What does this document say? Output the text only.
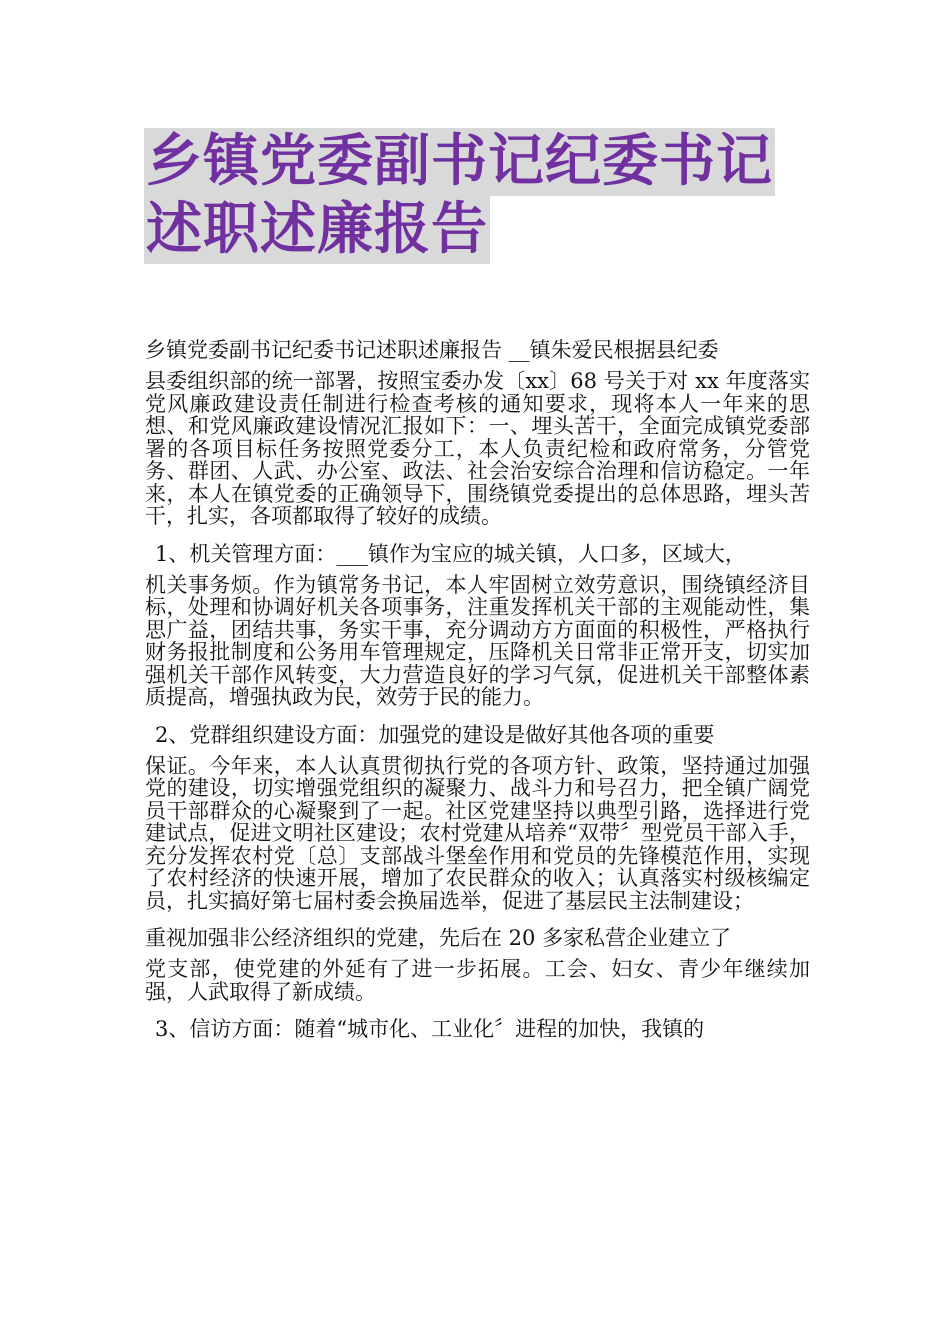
乡镇党委副书记纪委书记
述职述廉报告

乡镇党委副书记纪委书记述职述廉报告 __镇朱爱民根据县纪委
县委组织部的统一部署，按照宝委办发〔xx〕68 号关于对 xx 年度落实党风廉政建设责任制进行检查考核的通知要求，现将本人一年来的思想、和党风廉政建设情况汇报如下：一、埋头苦干，全面完成镇党委部署的各项目标任务按照党委分工，本人负责纪检和政府常务，分管党务、群团、人武、办公室、政法、社会治安综合治理和信访稳定。一年来，本人在镇党委的正确领导下，围绕镇党委提出的总体思路，埋头苦干，扎实，各项都取得了较好的成绩。

1、机关管理方面：___镇作为宝应的城关镇，人口多，区域大，
机关事务烦。作为镇常务书记，本人牢固树立效劳意识，围绕镇经济目标，处理和协调好机关各项事务，注重发挥机关干部的主观能动性，集思广益，团结共事，务实干事，充分调动方方面面的积极性，严格执行财务报批制度和公务用车管理规定，压降机关日常非正常开支，切实加强机关干部作风转变，大力营造良好的学习气氛，促进机关干部整体素质提高，增强执政为民，效劳于民的能力。

2、党群组织建设方面：加强党的建设是做好其他各项的重要
保证。今年来，本人认真贯彻执行党的各项方针、政策，坚持通过加强党的建设，切实增强党组织的凝聚力、战斗力和号召力，把全镇广阔党员干部群众的心凝聚到了一起。社区党建坚持以典型引路，选择进行党建试点，促进文明社区建设；农村党建从培养“双带〞型党员干部入手，充分发挥农村党〔总〕支部战斗堡垒作用和党员的先锋模范作用，实现了农村经济的快速开展，增加了农民群众的收入；认真落实村级核编定员，扎实搞好第七届村委会换届选举，促进了基层民主法制建设；

重视加强非公经济组织的党建，先后在 20 多家私营企业建立了
党支部，使党建的外延有了进一步拓展。工会、妇女、青少年继续加强，人武取得了新成绩。

3、信访方面：随着“城市化、工业化〞进程的加快，我镇的
